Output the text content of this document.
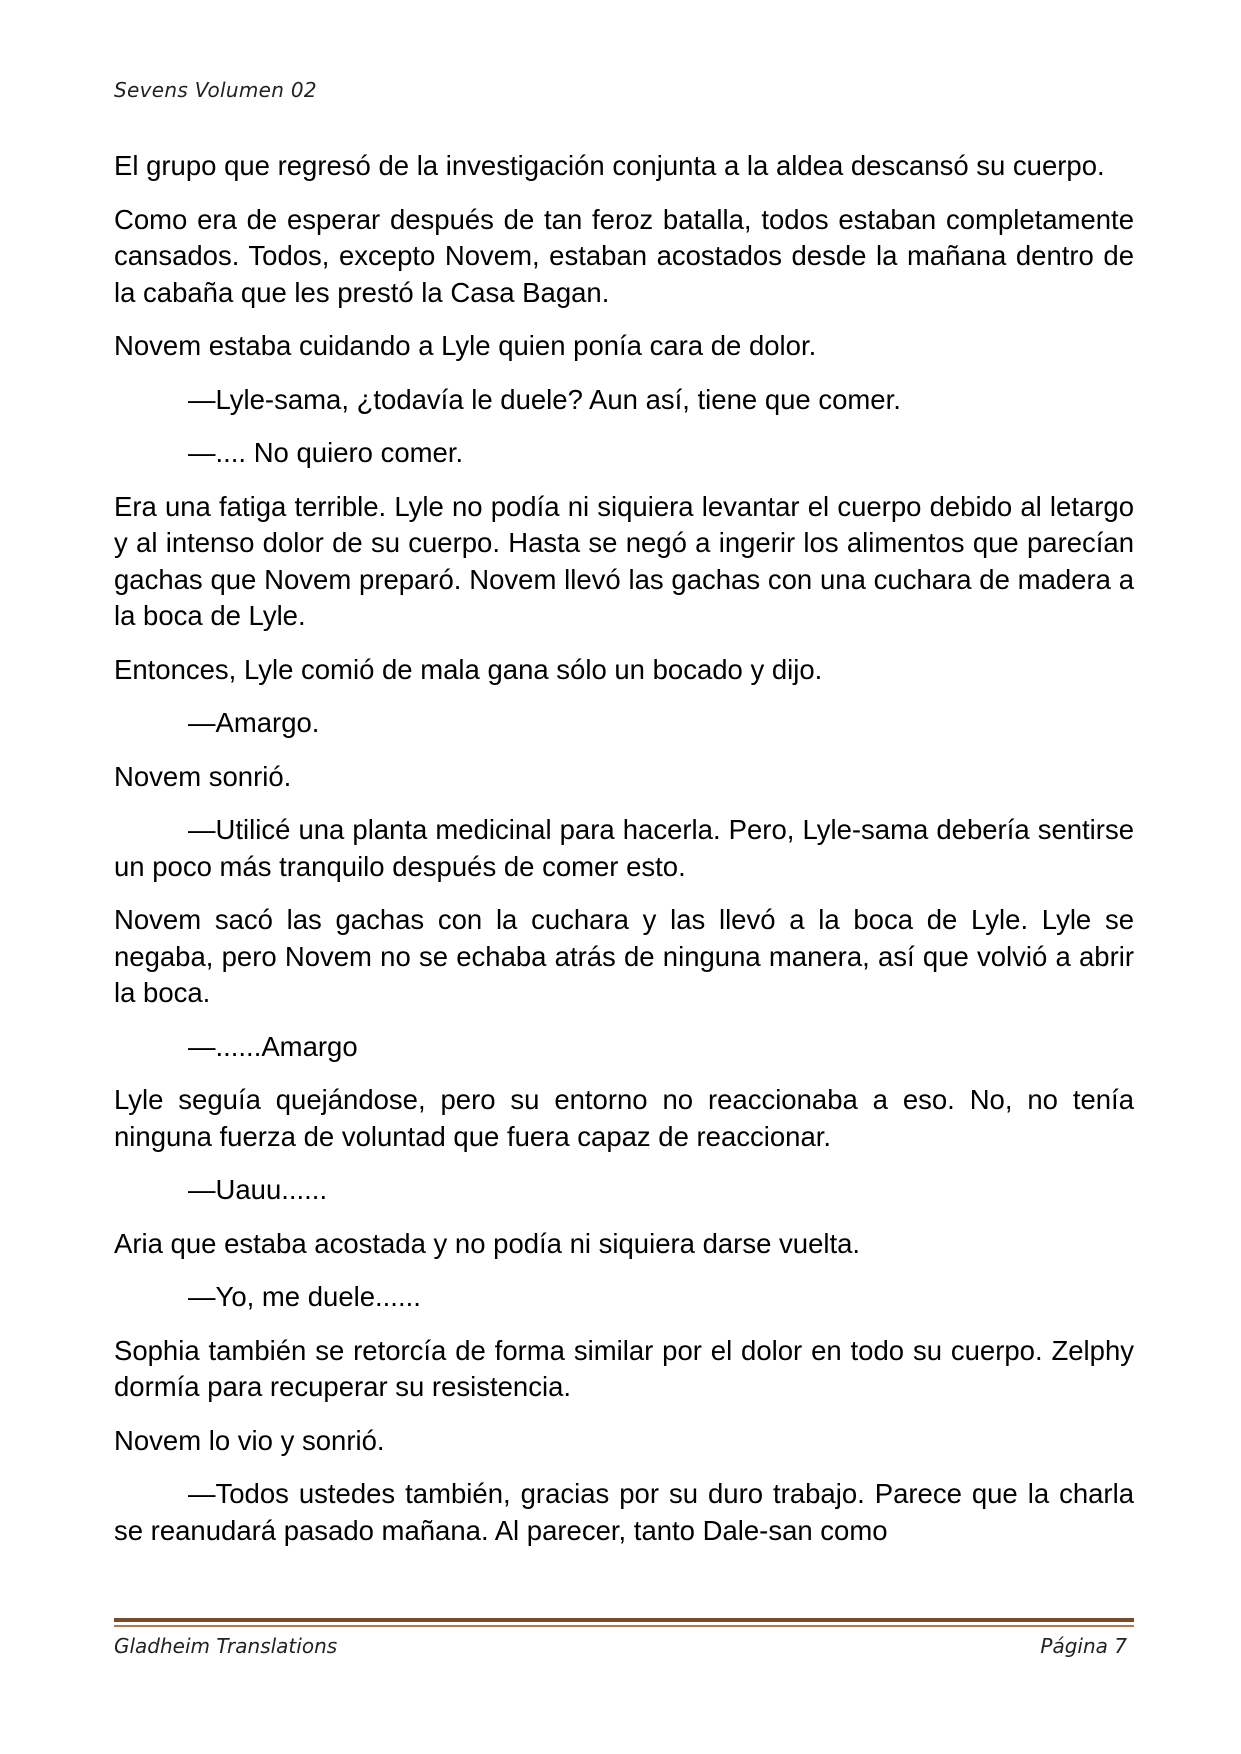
Sevens Volumen 02

El grupo que regresó de la investigación conjunta a la aldea descansó su cuerpo.

Como era de esperar después de tan feroz batalla, todos estaban completamente cansados. Todos, excepto Novem, estaban acostados desde la mañana dentro de la cabaña que les prestó la Casa Bagan.

Novem estaba cuidando a Lyle quien ponía cara de dolor.

—Lyle-sama, ¿todavía le duele? Aun así, tiene que comer.

—.... No quiero comer.

Era una fatiga terrible. Lyle no podía ni siquiera levantar el cuerpo debido al letargo y al intenso dolor de su cuerpo. Hasta se negó a ingerir los alimentos que parecían gachas que Novem preparó. Novem llevó las gachas con una cuchara de madera a la boca de Lyle.

Entonces, Lyle comió de mala gana sólo un bocado y dijo.

—Amargo.

Novem sonrió.

—Utilicé una planta medicinal para hacerla. Pero, Lyle-sama debería sentirse un poco más tranquilo después de comer esto.

Novem sacó las gachas con la cuchara y las llevó a la boca de Lyle. Lyle se negaba, pero Novem no se echaba atrás de ninguna manera, así que volvió a abrir la boca.

—......Amargo

Lyle seguía quejándose, pero su entorno no reaccionaba a eso. No, no tenía ninguna fuerza de voluntad que fuera capaz de reaccionar.

—Uauu......

Aria que estaba acostada y no podía ni siquiera darse vuelta.

—Yo, me duele......

Sophia también se retorcía de forma similar por el dolor en todo su cuerpo. Zelphy dormía para recuperar su resistencia.

Novem lo vio y sonrió.

—Todos ustedes también, gracias por su duro trabajo. Parece que la charla se reanudará pasado mañana. Al parecer, tanto Dale-san como

Gladheim Translations	Página 7
